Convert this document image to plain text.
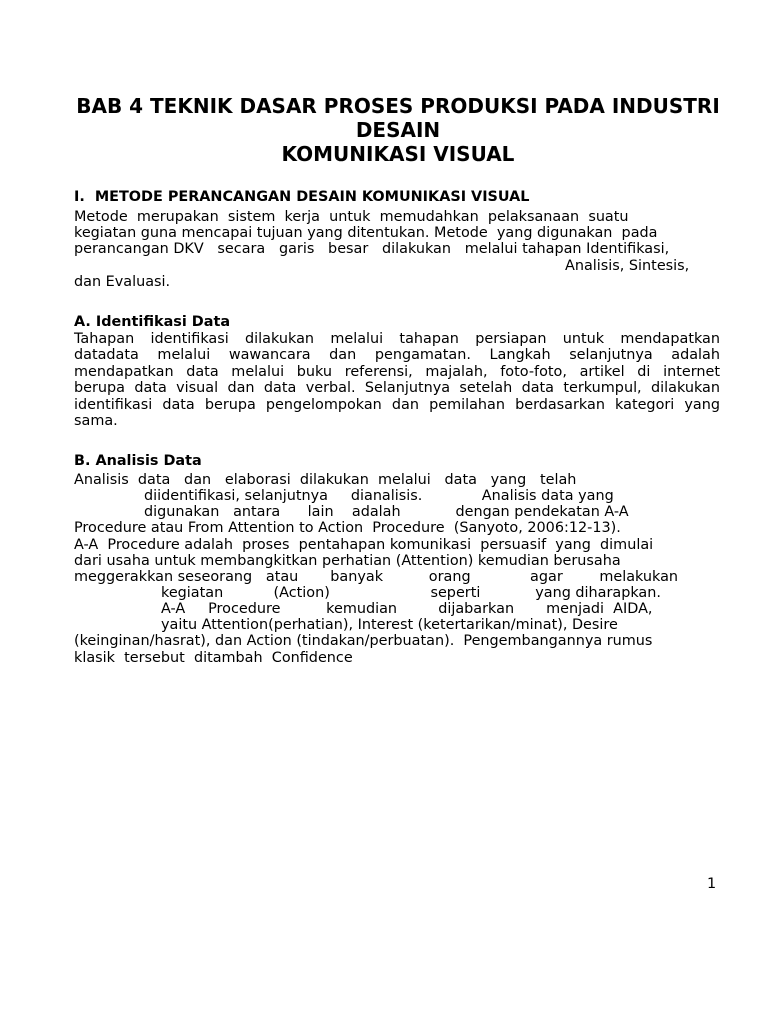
BAB 4 TEKNIK DASAR PROSES PRODUKSI PADA INDUSTRI
DESAIN
KOMUNIKASI VISUAL
I.  METODE PERANCANGAN DESAIN KOMUNIKASI VISUAL
Metode  merupakan  sistem  kerja  untuk  memudahkan  pelaksanaan  suatu
kegiatan guna mencapai tujuan yang ditentukan. Metode  yang digunakan  pada
perancangan DKV   secara   garis   besar   dilakukan   melalui tahapan Identifikasi,
Analisis, Sintesis,
dan Evaluasi.
A. Identifikasi Data
Tahapan identifikasi dilakukan melalui tahapan persiapan untuk mendapatkan
datadata melalui wawancara dan pengamatan. Langkah selanjutnya adalah
mendapatkan data melalui buku referensi, majalah, foto-foto, artikel di internet
berupa data visual dan data verbal. Selanjutnya setelah data terkumpul, dilakukan
identifikasi data berupa pengelompokan dan pemilahan berdasarkan kategori yang
sama.
B. Analisis Data
Analisis  data   dan   elaborasi  dilakukan  melalui   data   yang   telah
diidentifikasi, selanjutnya     dianalisis.             Analisis data yang
digunakan   antara      lain    adalah            dengan pendekatan A-A
Procedure atau From Attention to Action  Procedure  (Sanyoto, 2006:12-13).
A-A  Procedure adalah  proses  pentahapan komunikasi  persuasif  yang  dimulai
dari usaha untuk membangkitkan perhatian (Attention) kemudian berusaha
meggerakkan seseorang   atau       banyak          orang             agar        melakukan
kegiatan           (Action)                      seperti            yang diharapkan.
A-A     Procedure          kemudian         dijabarkan       menjadi  AIDA,
yaitu Attention(perhatian), Interest (ketertarikan/minat), Desire
(keinginan/hasrat), dan Action (tindakan/perbuatan).  Pengembangannya rumus
klasik  tersebut  ditambah  Confidence
1
